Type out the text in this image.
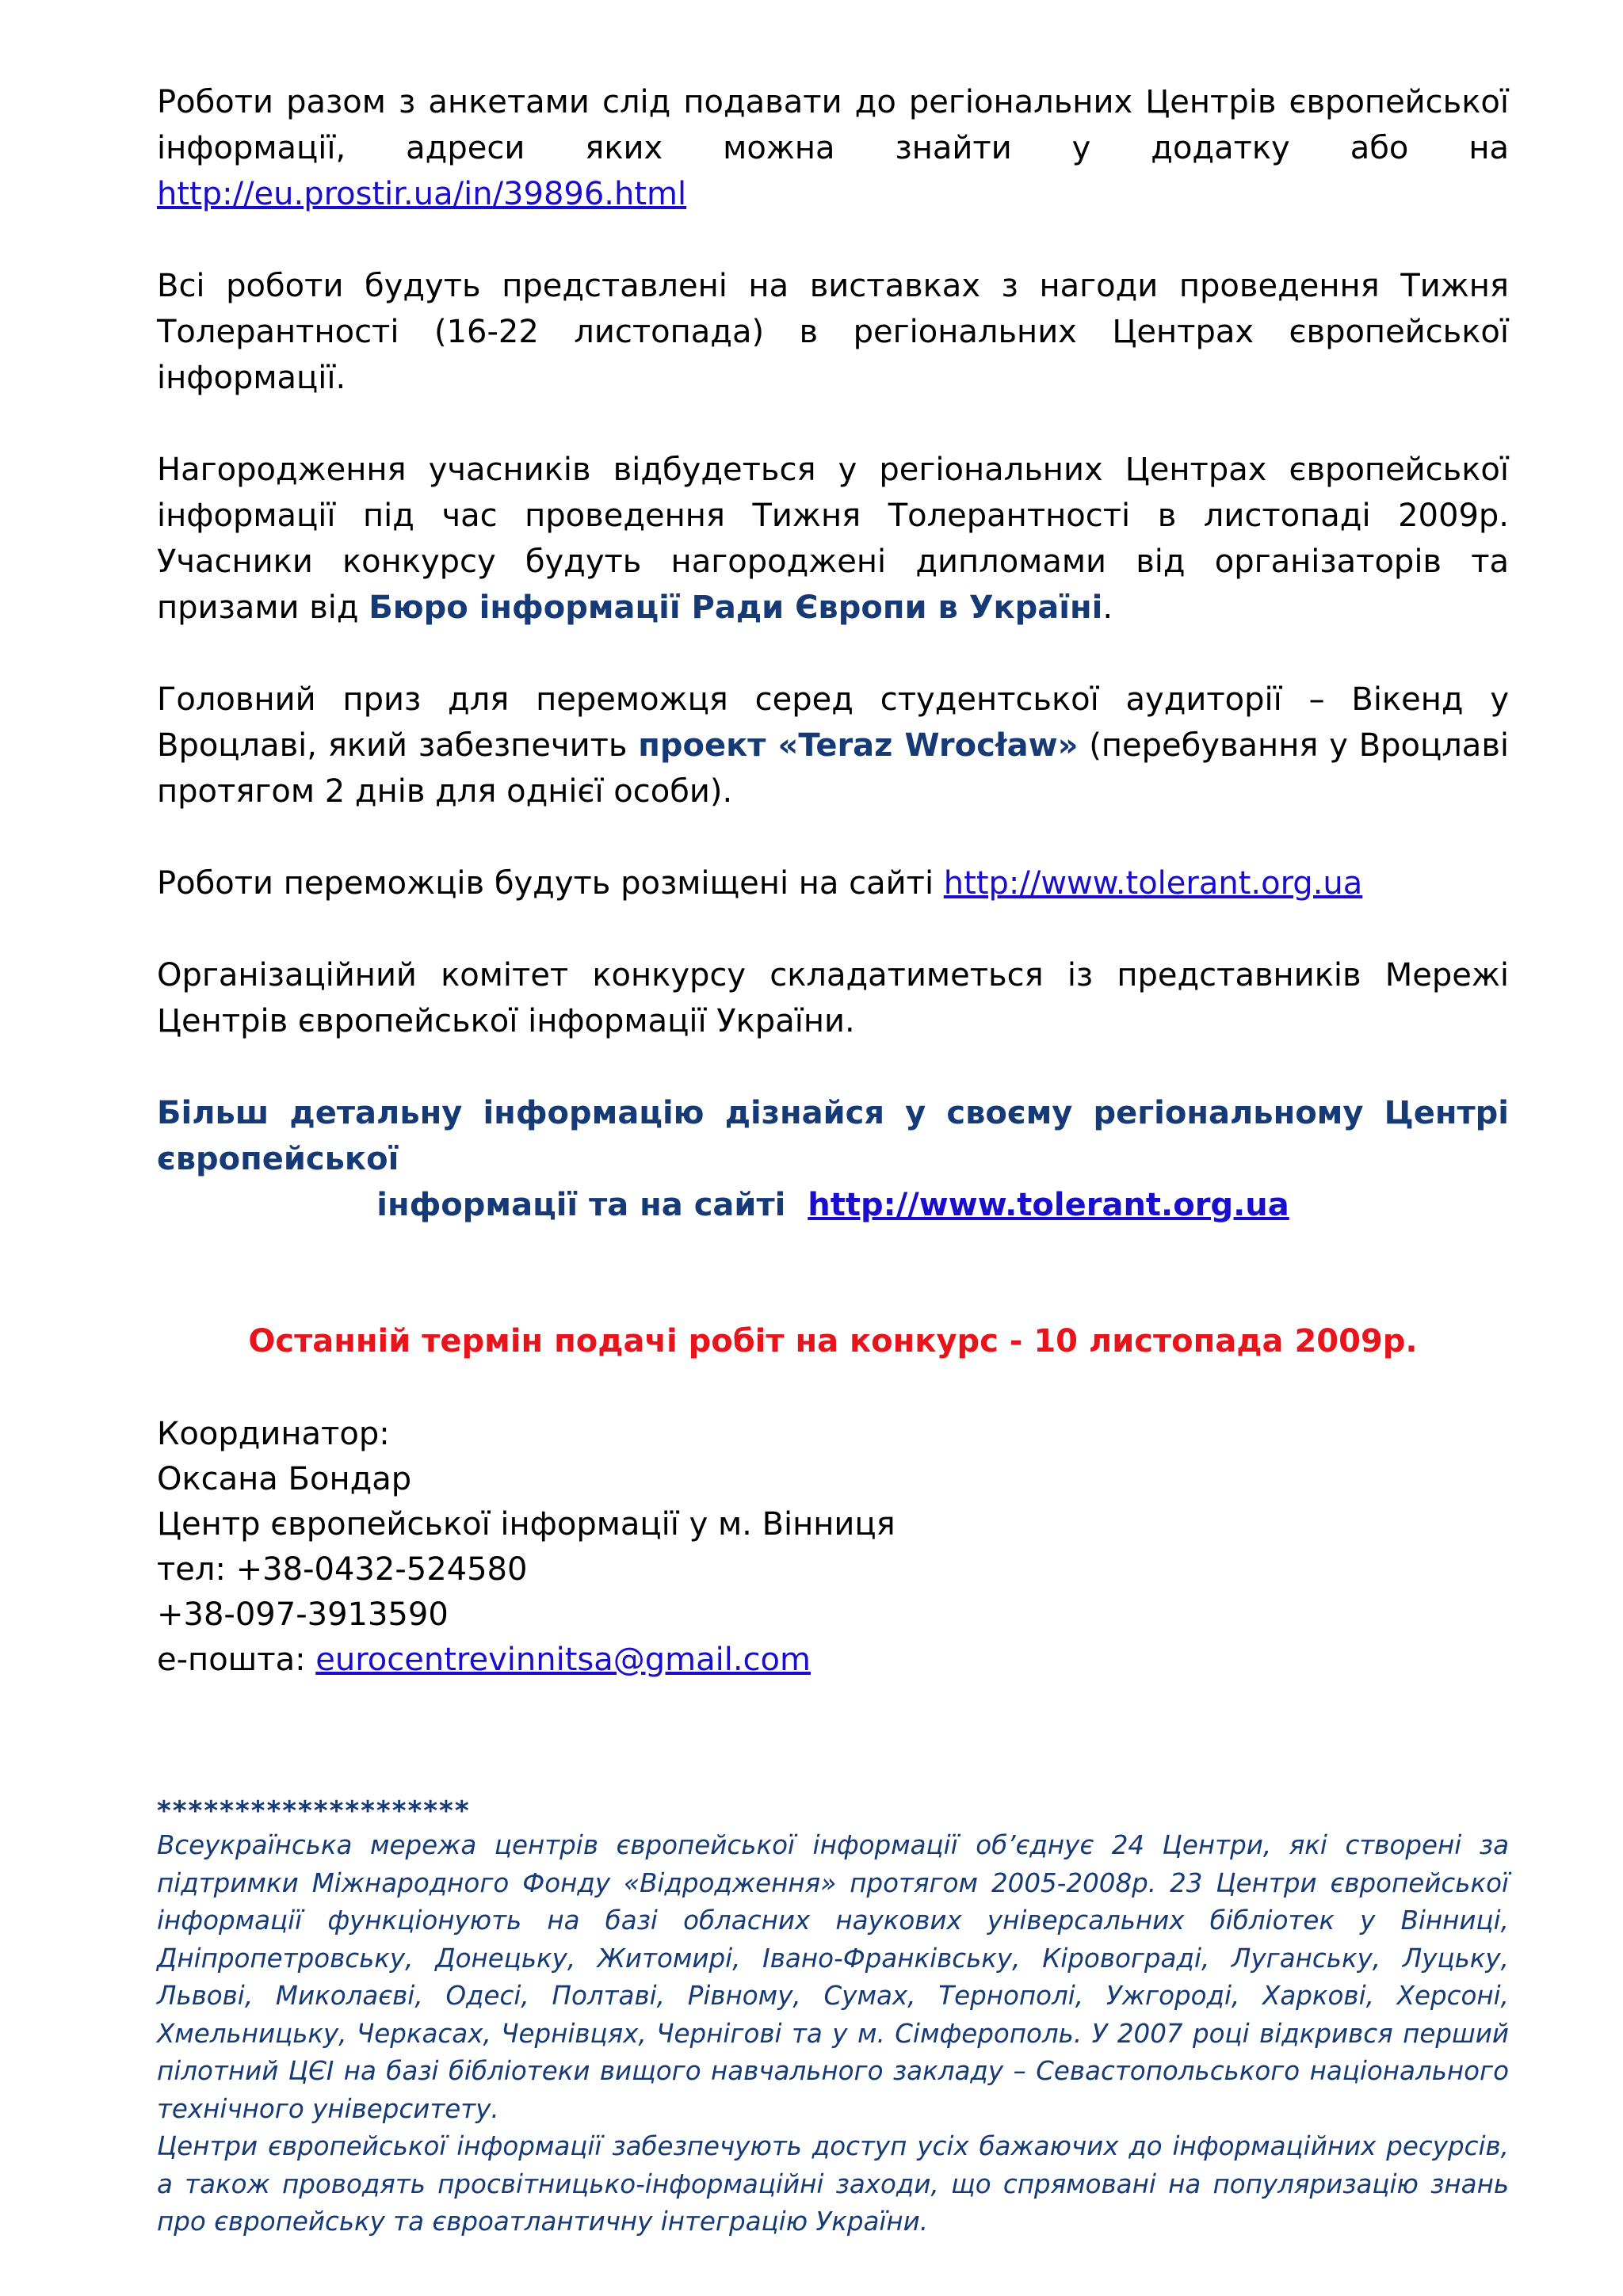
Роботи разом з анкетами слід подавати до регіональних Центрів європейської інформації, адреси яких можна знайти у додатку або на http://eu.prostir.ua/in/39896.html

Всі роботи будуть представлені на виставках з нагоди проведення Тижня Толерантності (16-22 листопада) в регіональних Центрах європейської інформації.

Нагородження учасників відбудеться у регіональних Центрах європейської інформації під час проведення Тижня Толерантності в листопаді 2009р. Учасники конкурсу будуть нагороджені дипломами від організаторів та призами від Бюро інформації Ради Європи в Україні.

Головний приз для переможця серед студентської аудиторії – Вікенд у Вроцлаві, який забезпечить проект «Teraz Wrocław» (перебування у Вроцлаві протягом 2 днів для однієї особи).

Роботи переможців будуть розміщені на сайті http://www.tolerant.org.ua

Організаційний комітет конкурсу складатиметься із представників Мережі Центрів європейської інформації України.

Більш детальну інформацію дізнайся у своєму регіональному Центрі європейської
інформації та на сайті http://www.tolerant.org.ua

Останній термін подачі робіт на конкурс - 10 листопада 2009р.

Координатор:
Оксана Бондар
Центр європейської інформації у м. Вінниця
тел: +38-0432-524580
+38-097-3913590
е-пошта: eurocentrevinnitsa@gmail.com
********************

Всеукраїнська мережа центрів європейської інформації об’єднує 24 Центри, які створені за підтримки Міжнародного Фонду «Відродження» протягом 2005-2008р. 23 Центри європейської інформації функціонують на базі обласних наукових універсальних бібліотек у Вінниці, Дніпропетровську, Донецьку, Житомирі, Івано-Франківську, Кіровограді, Луганську, Луцьку, Львові, Миколаєві, Одесі, Полтаві, Рівному, Сумах, Тернополі, Ужгороді, Харкові, Херсоні, Хмельницьку, Черкасах, Чернівцях, Чернігові та у м. Сімферополь. У 2007 році відкрився перший пілотний ЦЄІ на базі бібліотеки вищого навчального закладу – Севастопольського національного технічного університету.

Центри європейської інформації забезпечують доступ усіх бажаючих до інформаційних ресурсів, а також проводять просвітницько-інформаційні заходи, що спрямовані на популяризацію знань про європейську та євроатлантичну інтеграцію України.
